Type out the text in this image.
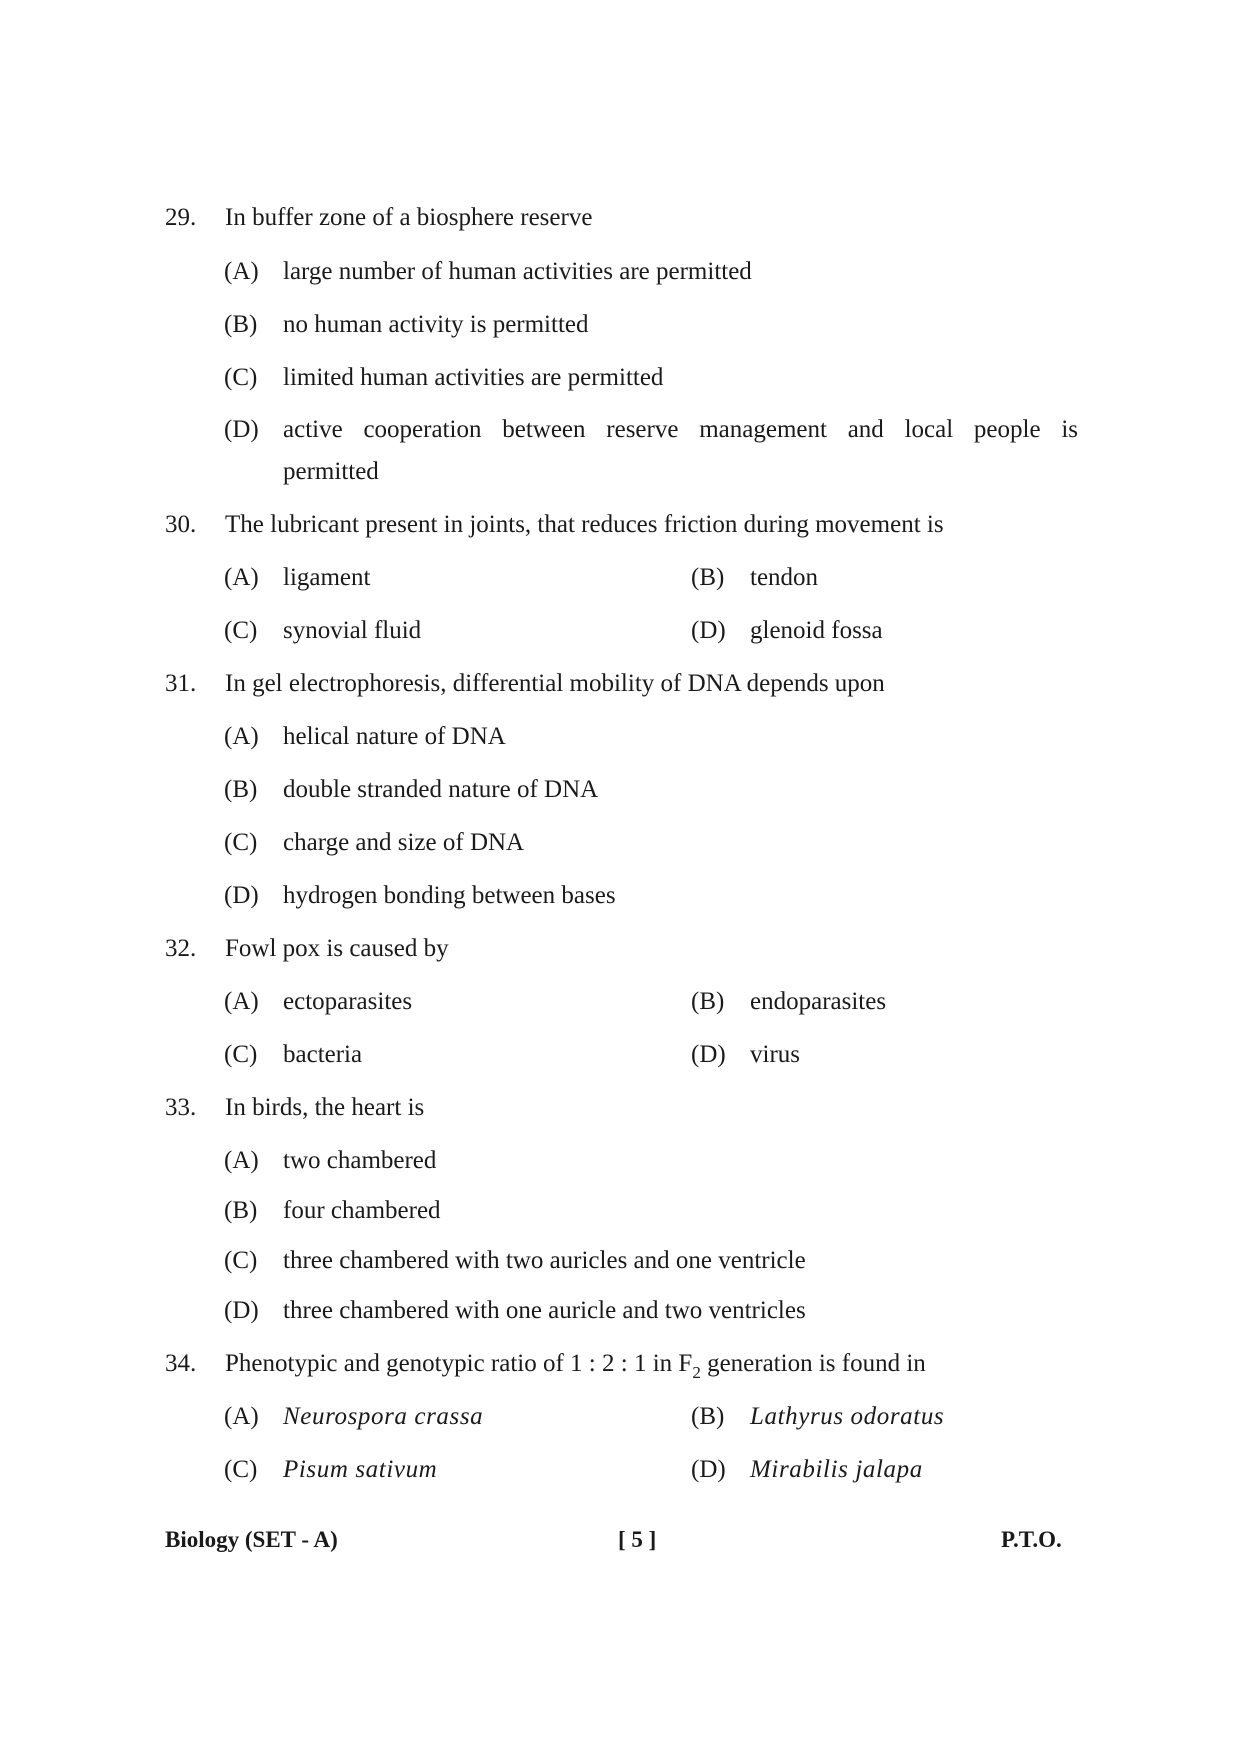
29. In buffer zone of a biosphere reserve
(A) large number of human activities are permitted
(B) no human activity is permitted
(C) limited human activities are permitted
(D) active cooperation between reserve management and local people is permitted
30. The lubricant present in joints, that reduces friction during movement is
(A) ligament	(B) tendon
(C) synovial fluid	(D) glenoid fossa
31. In gel electrophoresis, differential mobility of DNA depends upon
(A) helical nature of DNA
(B) double stranded nature of DNA
(C) charge and size of DNA
(D) hydrogen bonding between bases
32. Fowl pox is caused by
(A) ectoparasites	(B) endoparasites
(C) bacteria	(D) virus
33. In birds, the heart is
(A) two chambered
(B) four chambered
(C) three chambered with two auricles and one ventricle
(D) three chambered with one auricle and two ventricles
34. Phenotypic and genotypic ratio of 1 : 2 : 1 in $F_2$ generation is found in
(A) Neurospora crassa	(B) Lathyrus odoratus
(C) Pisum sativum	(D) Mirabilis jalapa
Biology (SET - A)	[ 5 ]	P.T.O.
